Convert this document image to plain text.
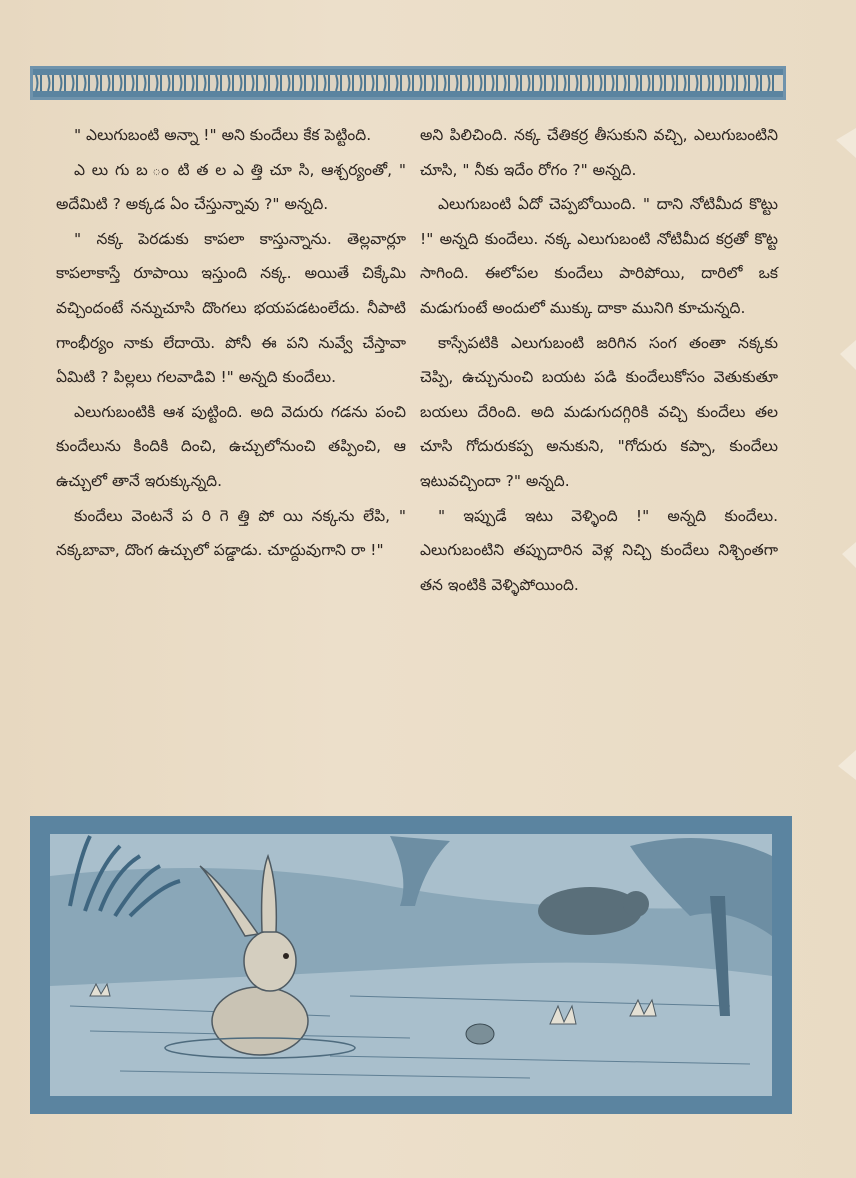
" ఎలుగుబంటి అన్నా !" అని కుందేలు కేక పెట్టింది.

ఎ లు గు బ ం టి త ల ఎ త్తి చూ సి, ఆశ్చర్యంతో, " అదేమిటి ? అక్కడ ఏం చేస్తున్నావు ?" అన్నది.

" నక్క పెరడుకు కాపలా కాస్తున్నాను. తెల్లవార్లూ కాపలాకాస్తే రూపాయి ఇస్తుంది నక్క. అయితే చిక్కేమి వచ్చిందంటే నన్నుచూసి దొంగలు భయపడటంలేదు. నీపాటి గాంభీర్యం నాకు లేదాయె. పోనీ ఈ పని నువ్వే చేస్తావా ఏమిటి ? పిల్లలు గలవాడివి !" అన్నది కుందేలు.

ఎలుగుబంటికి ఆశ పుట్టింది. అది వెదురు గడను పంచి కుందేలును కిందికి దించి, ఉచ్చులోనుంచి తప్పించి, ఆ ఉచ్చులో తానే ఇరుక్కున్నది.

కుందేలు వెంటనే ప రి గె త్తి పో యి నక్కను లేపి, " నక్కబావా, దొంగ ఉచ్చులో పడ్డాడు. చూద్దువుగాని రా !"

అని పిలిచింది. నక్క చేతికర్ర తీసుకుని వచ్చి, ఎలుగుబంటిని చూసి, " నీకు ఇదేం రోగం ?" అన్నది.

ఎలుగుబంటి ఏదో చెప్పబోయింది. " దాని నోటిమీద కొట్టు !" అన్నది కుందేలు. నక్క ఎలుగుబంటి నోటిమీద కర్రతో కొట్ట సాగింది. ఈలోపల కుందేలు పారిపోయి, దారిలో ఒక మడుగుంటే అందులో ముక్కు దాకా మునిగి కూచున్నది.

కాస్సేపటికి ఎలుగుబంటి జరిగిన సంగ తంతా నక్కకు చెప్పి, ఉచ్చునుంచి బయట పడి కుందేలుకోసం వెతుకుతూ బయలు దేరింది. అది మడుగుదగ్గిరికి వచ్చి కుందేలు తల చూసి గోదురుకప్ప అనుకుని, "గోదురు కప్పా, కుందేలు ఇటువచ్చిందా ?" అన్నది.

" ఇప్పుడే ఇటు వెళ్ళింది !" అన్నది కుందేలు. ఎలుగుబంటిని తప్పుదారిన వెళ్ల నిచ్చి కుందేలు నిశ్చింతగా తన ఇంటికి వెళ్ళిపోయింది.
